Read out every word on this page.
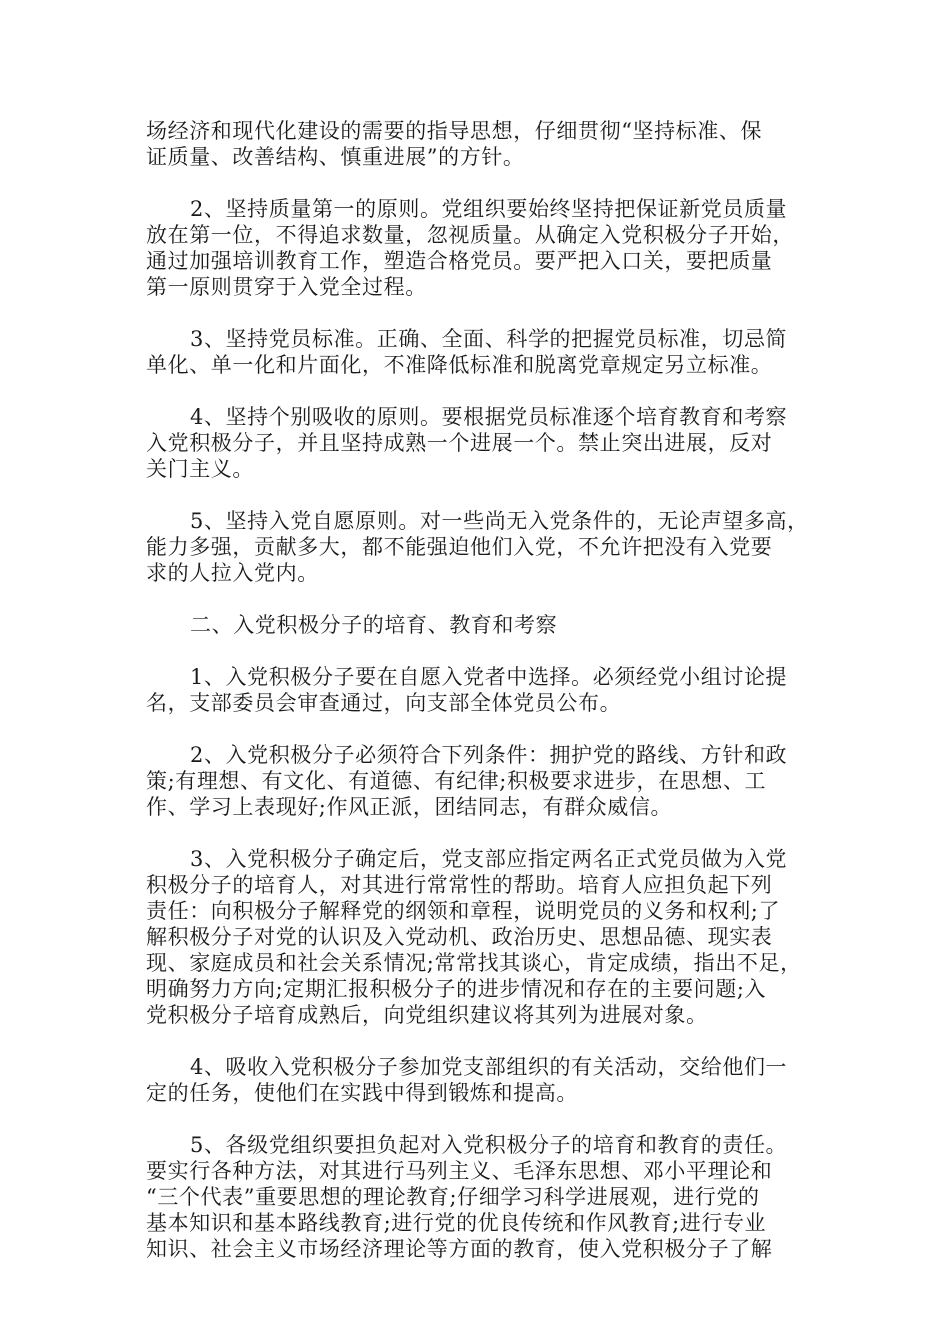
场经济和现代化建设的需要的指导思想，仔细贯彻“坚持标准、保
证质量、改善结构、慎重进展”的方针。
2、坚持质量第一的原则。党组织要始终坚持把保证新党员质量
放在第一位，不得追求数量，忽视质量。从确定入党积极分子开始，
通过加强培训教育工作，塑造合格党员。要严把入口关，要把质量
第一原则贯穿于入党全过程。
3、坚持党员标准。正确、全面、科学的把握党员标准，切忌简
单化、单一化和片面化，不准降低标准和脱离党章规定另立标准。
4、坚持个别吸收的原则。要根据党员标准逐个培育教育和考察
入党积极分子，并且坚持成熟一个进展一个。禁止突出进展，反对
关门主义。
5、坚持入党自愿原则。对一些尚无入党条件的，无论声望多高，
能力多强，贡献多大，都不能强迫他们入党，不允许把没有入党要
求的人拉入党内。
二、入党积极分子的培育、教育和考察
1、入党积极分子要在自愿入党者中选择。必须经党小组讨论提
名，支部委员会审查通过，向支部全体党员公布。
2、入党积极分子必须符合下列条件：拥护党的路线、方针和政
策;有理想、有文化、有道德、有纪律;积极要求进步，在思想、工
作、学习上表现好;作风正派，团结同志，有群众威信。
3、入党积极分子确定后，党支部应指定两名正式党员做为入党
积极分子的培育人，对其进行常常性的帮助。培育人应担负起下列
责任：向积极分子解释党的纲领和章程，说明党员的义务和权利;了
解积极分子对党的认识及入党动机、政治历史、思想品德、现实表
现、家庭成员和社会关系情况;常常找其谈心，肯定成绩，指出不足，
明确努力方向;定期汇报积极分子的进步情况和存在的主要问题;入
党积极分子培育成熟后，向党组织建议将其列为进展对象。
4、吸收入党积极分子参加党支部组织的有关活动，交给他们一
定的任务，使他们在实践中得到锻炼和提高。
5、各级党组织要担负起对入党积极分子的培育和教育的责任。
要实行各种方法，对其进行马列主义、毛泽东思想、邓小平理论和
“三个代表”重要思想的理论教育;仔细学习科学进展观，进行党的
基本知识和基本路线教育;进行党的优良传统和作风教育;进行专业
知识、社会主义市场经济理论等方面的教育，使入党积极分子了解
